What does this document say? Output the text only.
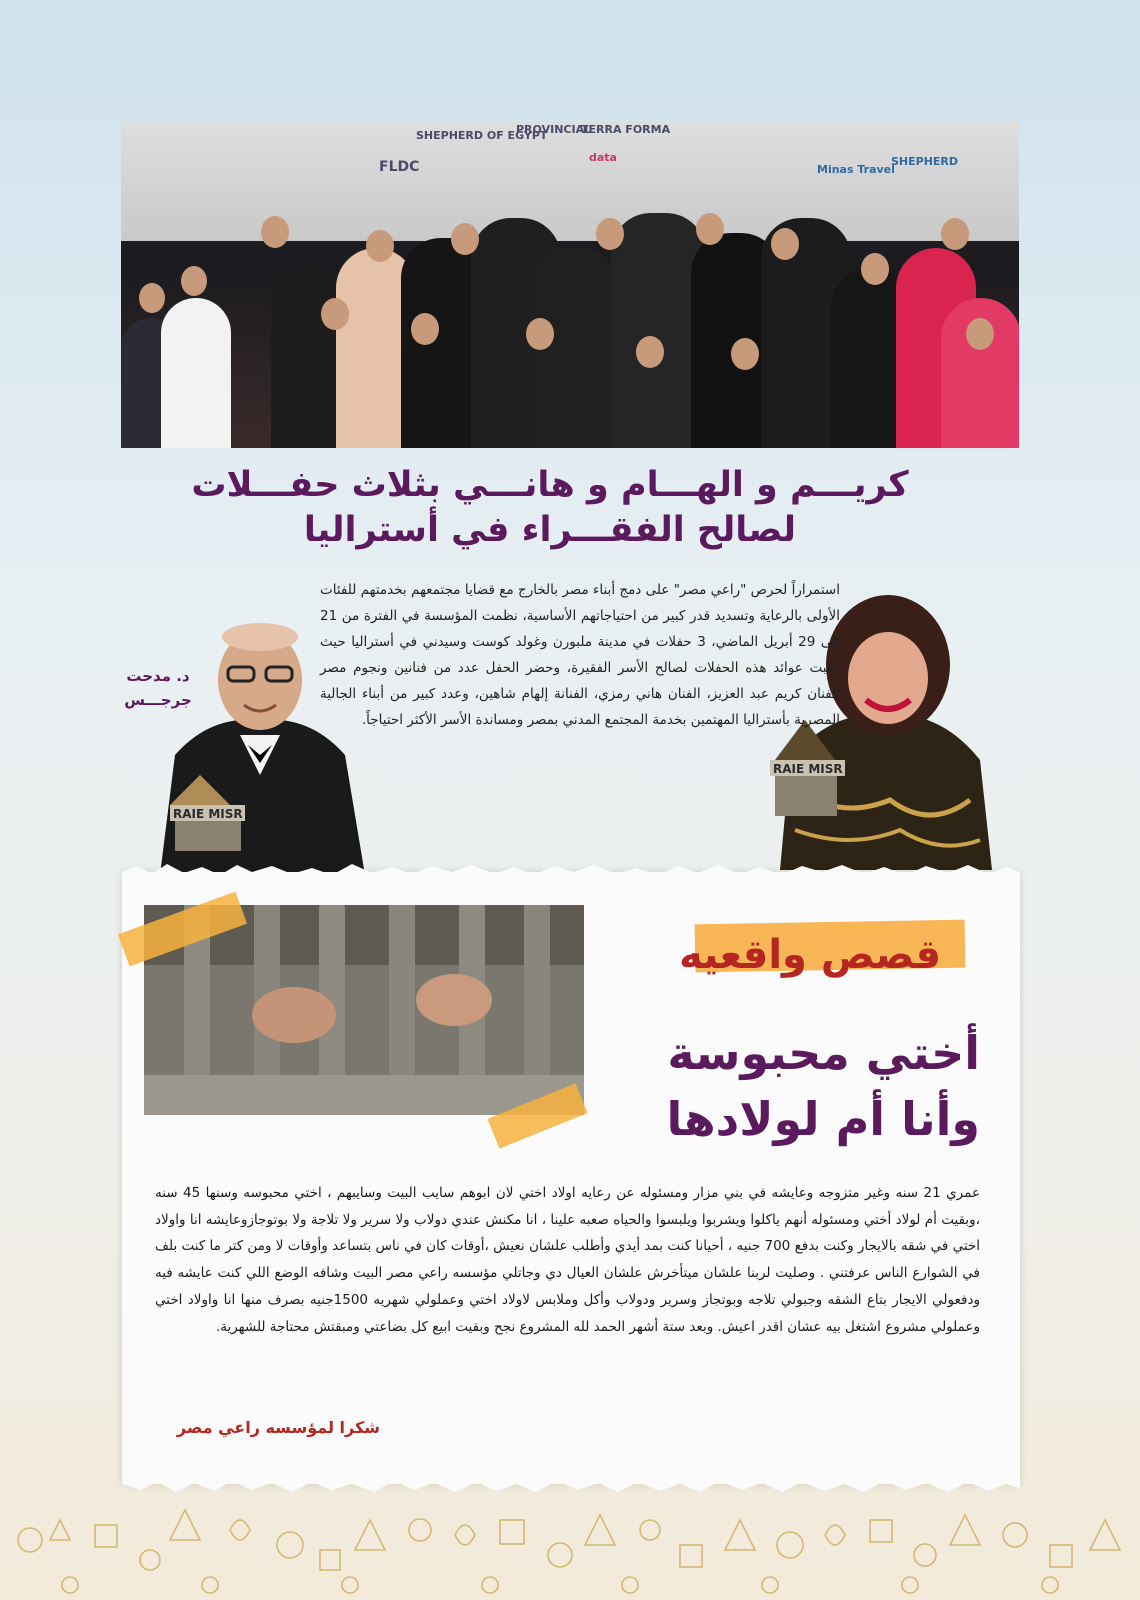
SHEPHERD OF EGYPT
PROVINCIAL
TERRA FORMA
FLDC
data
Minas Travel
SHEPHERD
كريـــم و الهـــام و هانـــي بثلاث حفـــلات
لصالح الفقـــراء في أستراليا
RAIE MISR
RAIE MISR
د. مدحت
جرجـــس
استمراراً لحرص "راعي مصر" على دمج أبناء مصر بالخارج مع قضايا مجتمعهم بخدمتهم للفئات الأولى بالرعاية وتسديد قدر كبير من احتياجاتهم الأساسية، نظمت المؤسسة في الفترة من 21 إلى 29 أبريل الماضي، 3 حفلات في مدينة ملبورن وغولد كوست وسيدني في أستراليا حيث ذهبت عوائد هذه الحفلات لصالح الأسر الفقيرة، وحضر الحفل عدد من فنانين ونجوم مصر الفنان كريم عبد العزيز، الفنان هاني رمزي، الفنانة إلهام شاهين، وعدد كبير من أبناء الجالية المصرية بأستراليا المهتمين بخدمة المجتمع المدني بمصر ومساندة الأسر الأكثر احتياجاً.
قصص واقعيه
أختي محبوسة
وأنا أم لولادها
عمري 21 سنه وغير متزوجه وعايشه في بني مزار ومسئوله عن رعايه اولاد اختي لان ابوهم سايب البيت وسايبهم ، اختي محبوسه وسنها 45 سنه ،وبقيت أم لولاد أختي ومسئوله أنهم ياكلوا ويشربوا ويلبسوا والحياه صعبه علينا ، انا مكنش عندي دولاب ولا سرير ولا تلاجة ولا بوتوجازوعايشه انا واولاد اختي في شقه بالايجار وكنت بدفع 700 جنيه ، أحيانا كنت بمد أيدي وأطلب علشان نعيش ،أوقات كان في ناس بتساعد وأوقات لا ومن كتر ما كنت بلف في الشوارع الناس عرفتني . وصليت لربنا علشان ميتأخرش علشان العيال دي وجاتلي مؤسسه راعي مصر البيت وشافه الوضع اللي كنت عايشه فيه ودفعولي الايجار بتاع الشقه وجبولي تلاجه وبوتجاز وسرير ودولاب وأكل وملابس لاولاد اختي وعملولي شهريه 1500جنيه بصرف منها انا واولاد اختي وعملولي مشروع اشتغل بيه عشان اقدر اعيش. وبعد ستة أشهر الحمد لله المشروع نجح وبقيت ابيع كل بضاعتي ومبقتش محتاجة للشهرية.
شكرا لمؤسسه راعي مصر
